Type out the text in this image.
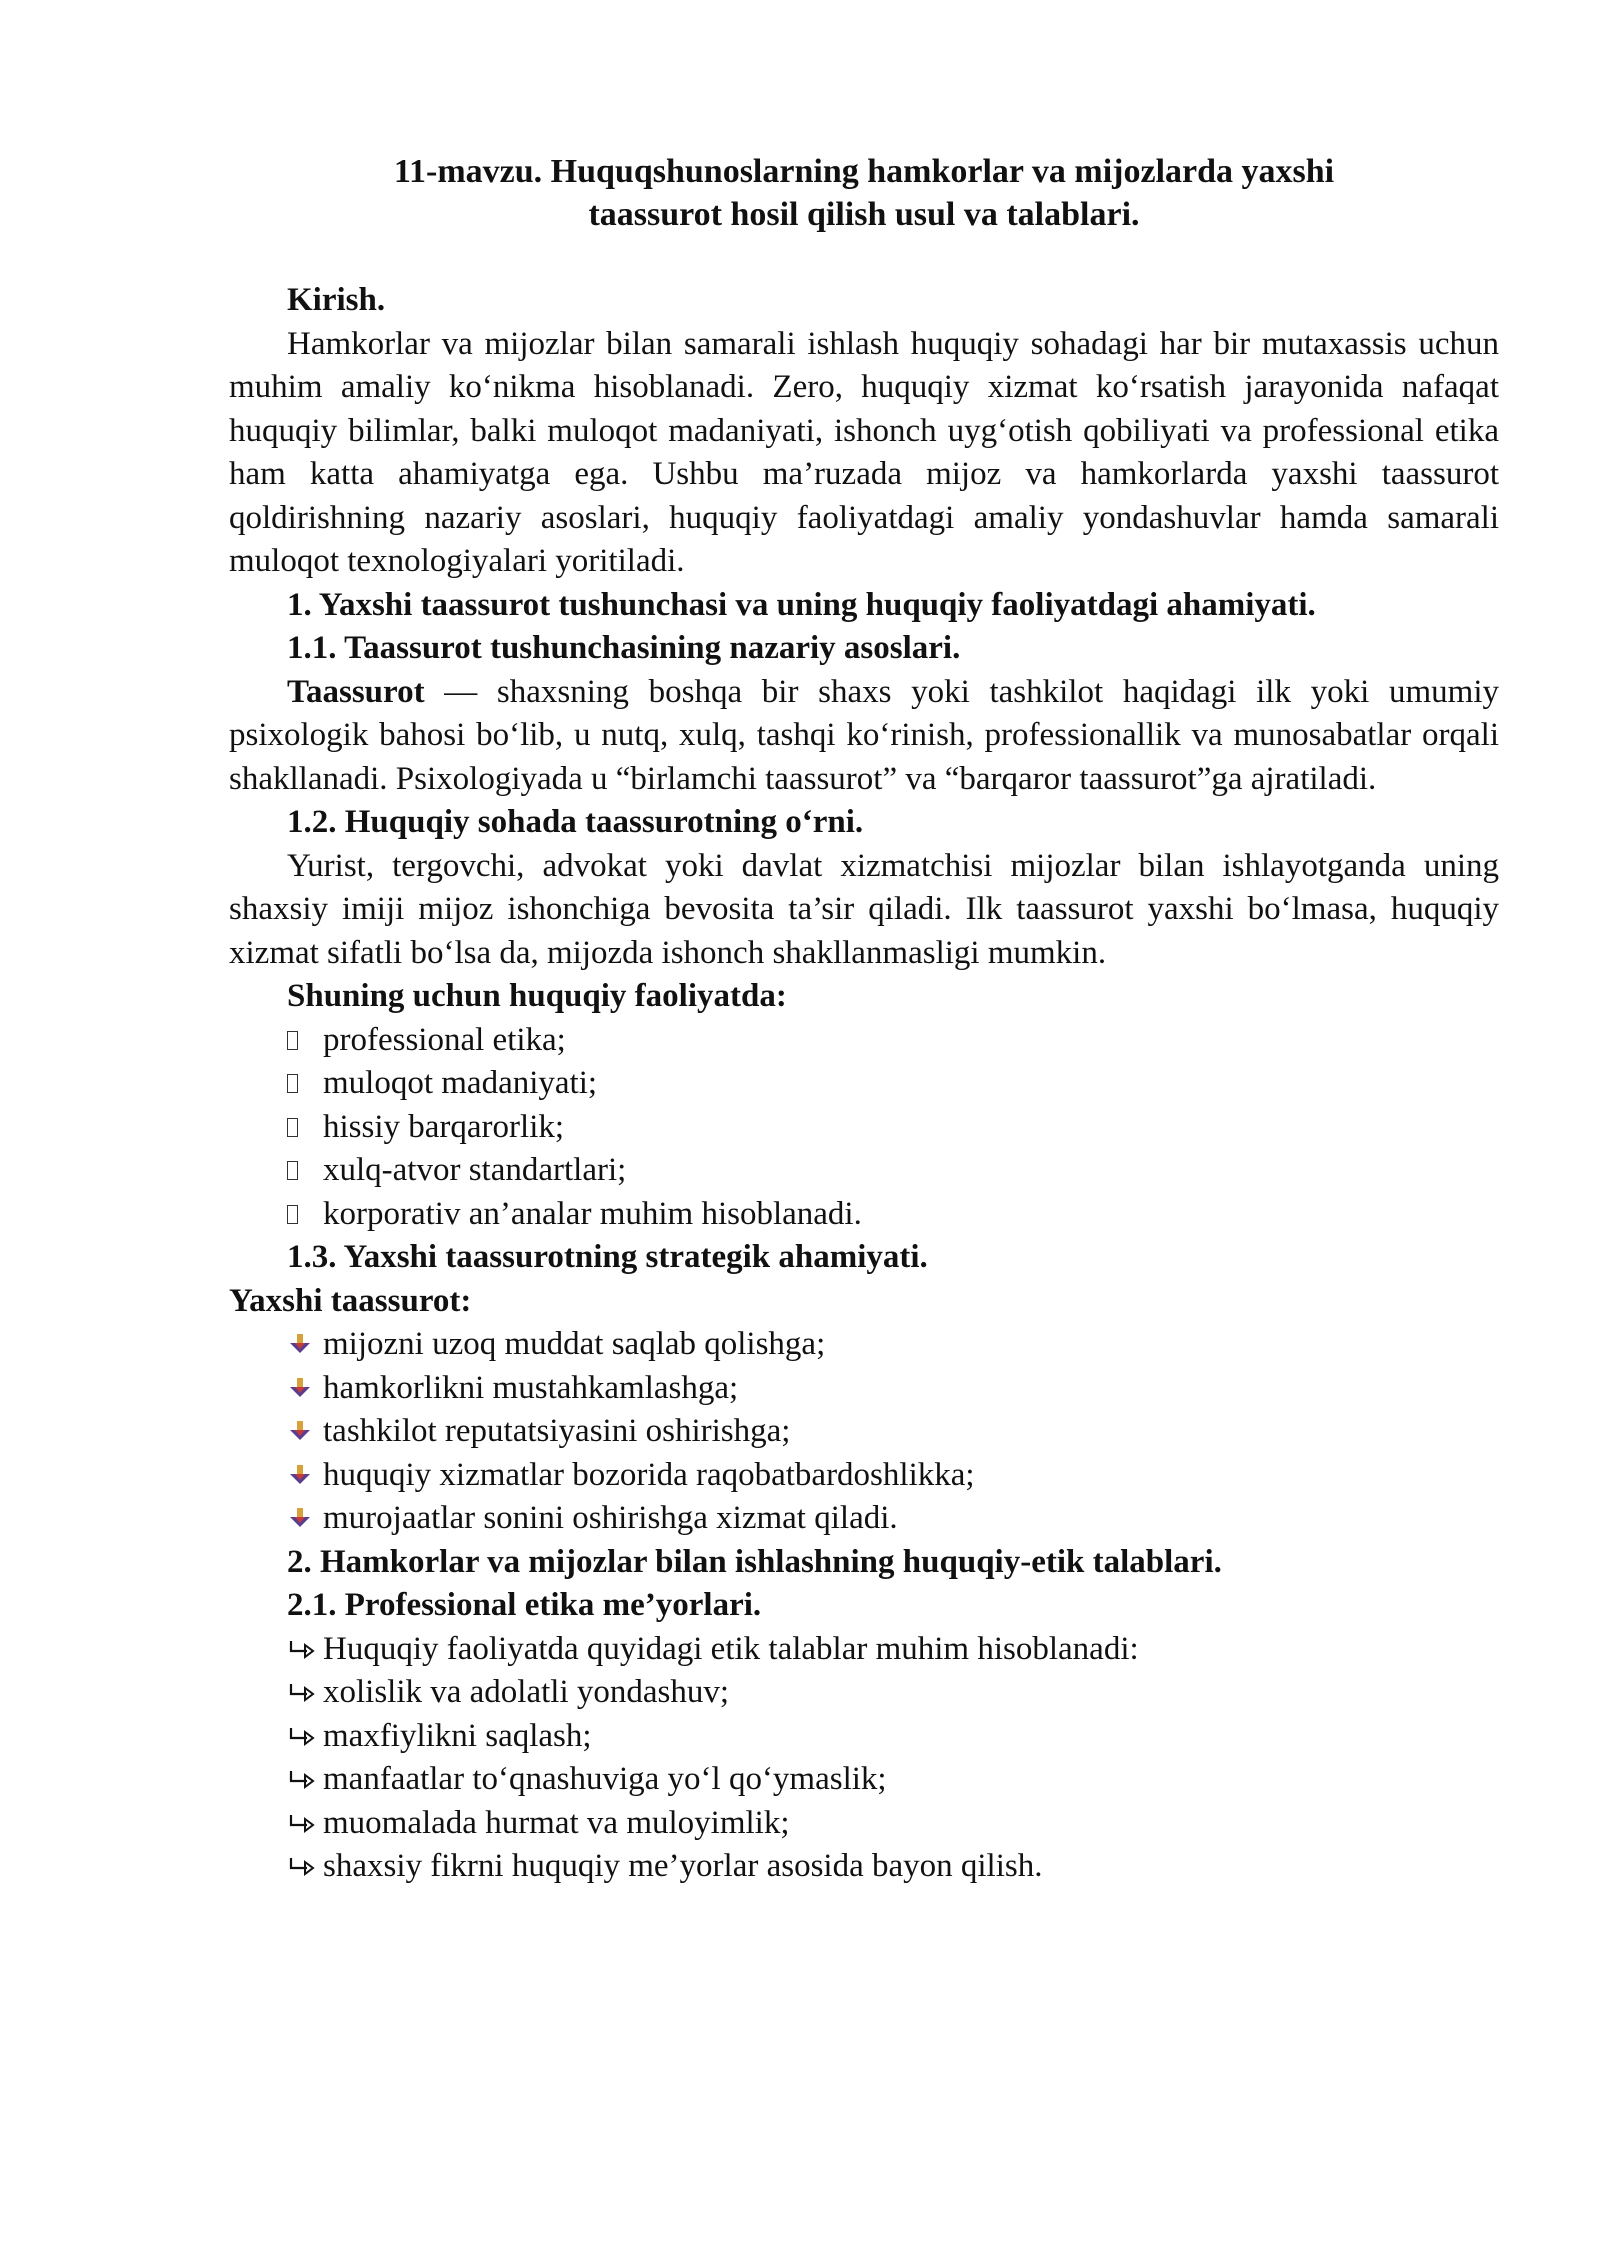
11-mavzu. Huquqshunoslarning hamkorlar va mijozlarda yaxshi
taassurot hosil qilish usul va talablari.

Kirish.

Hamkorlar va mijozlar bilan samarali ishlash huquqiy sohadagi har bir mutaxassis uchun muhim amaliy ko‘nikma hisoblanadi. Zero, huquqiy xizmat ko‘rsatish jarayonida nafaqat huquqiy bilimlar, balki muloqot madaniyati, ishonch uyg‘otish qobiliyati va professional etika ham katta ahamiyatga ega. Ushbu ma’ruzada mijoz va hamkorlarda yaxshi taassurot qoldirishning nazariy asoslari, huquqiy faoliyatdagi amaliy yondashuvlar hamda samarali muloqot texnologiyalari yoritiladi.

1. Yaxshi taassurot tushunchasi va uning huquqiy faoliyatdagi ahamiyati.

1.1. Taassurot tushunchasining nazariy asoslari.

Taassurot — shaxsning boshqa bir shaxs yoki tashkilot haqidagi ilk yoki umumiy psixologik bahosi bo‘lib, u nutq, xulq, tashqi ko‘rinish, professionallik va munosabatlar orqali shakllanadi. Psixologiyada u “birlamchi taassurot” va “barqaror taassurot”ga ajratiladi.

1.2. Huquqiy sohada taassurotning o‘rni.

Yurist, tergovchi, advokat yoki davlat xizmatchisi mijozlar bilan ishlayotganda uning shaxsiy imiji mijoz ishonchiga bevosita ta’sir qiladi. Ilk taassurot yaxshi bo‘lmasa, huquqiy xizmat sifatli bo‘lsa da, mijozda ishonch shakllanmasligi mumkin.

Shuning uchun huquqiy faoliyatda:

professional etika;
muloqot madaniyati;
hissiy barqarorlik;
xulq-atvor standartlari;
korporativ an’analar muhim hisoblanadi.

1.3. Yaxshi taassurotning strategik ahamiyati.

Yaxshi taassurot:

mijozni uzoq muddat saqlab qolishga;
hamkorlikni mustahkamlashga;
tashkilot reputatsiyasini oshirishga;
huquqiy xizmatlar bozorida raqobatbardoshlikka;
murojaatlar sonini oshirishga xizmat qiladi.

2. Hamkorlar va mijozlar bilan ishlashning huquqiy-etik talablari.

2.1. Professional etika me’yorlari.

Huquqiy faoliyatda quyidagi etik talablar muhim hisoblanadi:
xolislik va adolatli yondashuv;
maxfiylikni saqlash;
manfaatlar to‘qnashuviga yo‘l qo‘ymaslik;
muomalada hurmat va muloyimlik;
shaxsiy fikrni huquqiy me’yorlar asosida bayon qilish.
